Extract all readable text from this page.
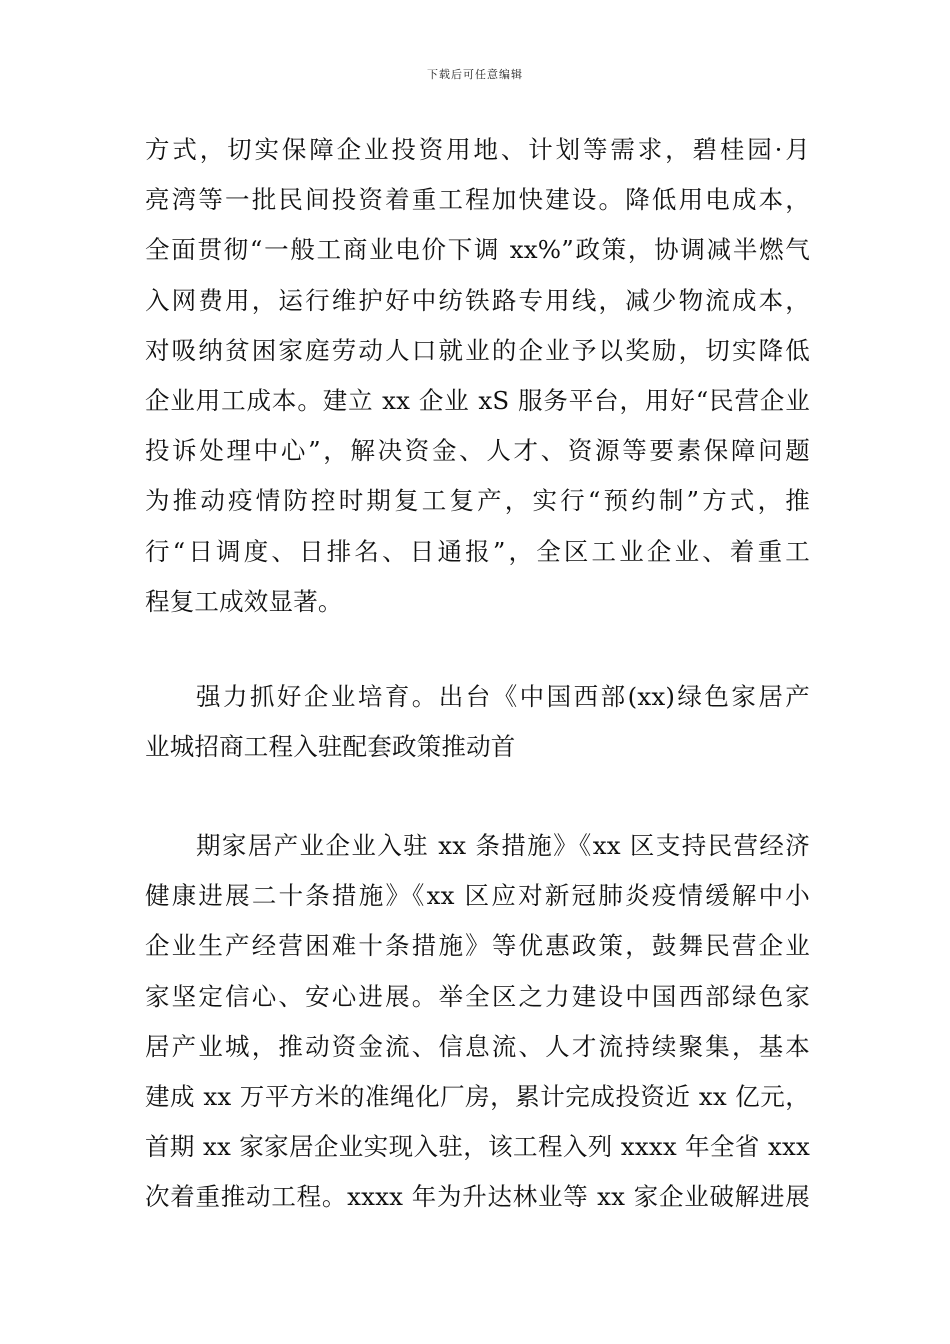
下载后可任意编辑
方式，切实保障企业投资用地、计划等需求，碧桂园·月
亮湾等一批民间投资着重工程加快建设。降低用电成本，
全面贯彻“一般工商业电价下调 xx%”政策，协调减半燃气
入网费用，运行维护好中纺铁路专用线，减少物流成本，
对吸纳贫困家庭劳动人口就业的企业予以奖励，切实降低
企业用工成本。建立 xx 企业 xS 服务平台，用好“民营企业
投诉处理中心”，解决资金、人才、资源等要素保障问题
为推动疫情防控时期复工复产，实行“预约制”方式，推
行“日调度、日排名、日通报”，全区工业企业、着重工
程复工成效显著。
强力抓好企业培育。出台《中国西部(xx)绿色家居产
业城招商工程入驻配套政策推动首
期家居产业企业入驻 xx 条措施》《xx 区支持民营经济
健康进展二十条措施》《xx 区应对新冠肺炎疫情缓解中小
企业生产经营困难十条措施》等优惠政策，鼓舞民营企业
家坚定信心、安心进展。举全区之力建设中国西部绿色家
居产业城，推动资金流、信息流、人才流持续聚集，基本
建成 xx 万平方米的准绳化厂房，累计完成投资近 xx 亿元，
首期 xx 家家居企业实现入驻，该工程入列 xxxx 年全省 xxx
次着重推动工程。xxxx 年为升达林业等 xx 家企业破解进展
